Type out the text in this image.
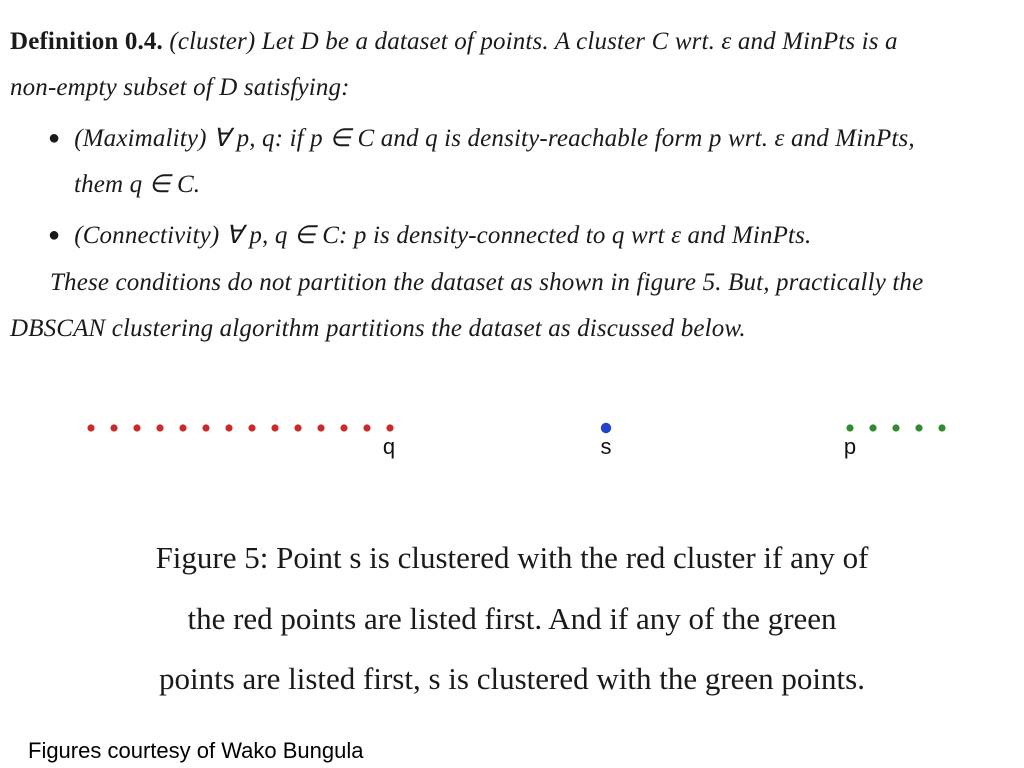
Definition 0.4. (cluster) Let D be a dataset of points. A cluster C wrt. ε and MinPts is a
non-empty subset of D satisfying:
● (Maximality) ∀ p, q: if p ∈ C and q is density-reachable form p wrt. ε and MinPts,
them q ∈ C.
● (Connectivity) ∀ p, q ∈ C: p is density-connected to q wrt ε and MinPts.
These conditions do not partition the dataset as shown in figure 5. But, practically the
DBSCAN clustering algorithm partitions the dataset as discussed below.
q	s	p
Figure 5: Point s is clustered with the red cluster if any of
the red points are listed first. And if any of the green
points are listed first, s is clustered with the green points.
Figures courtesy of Wako Bungula
